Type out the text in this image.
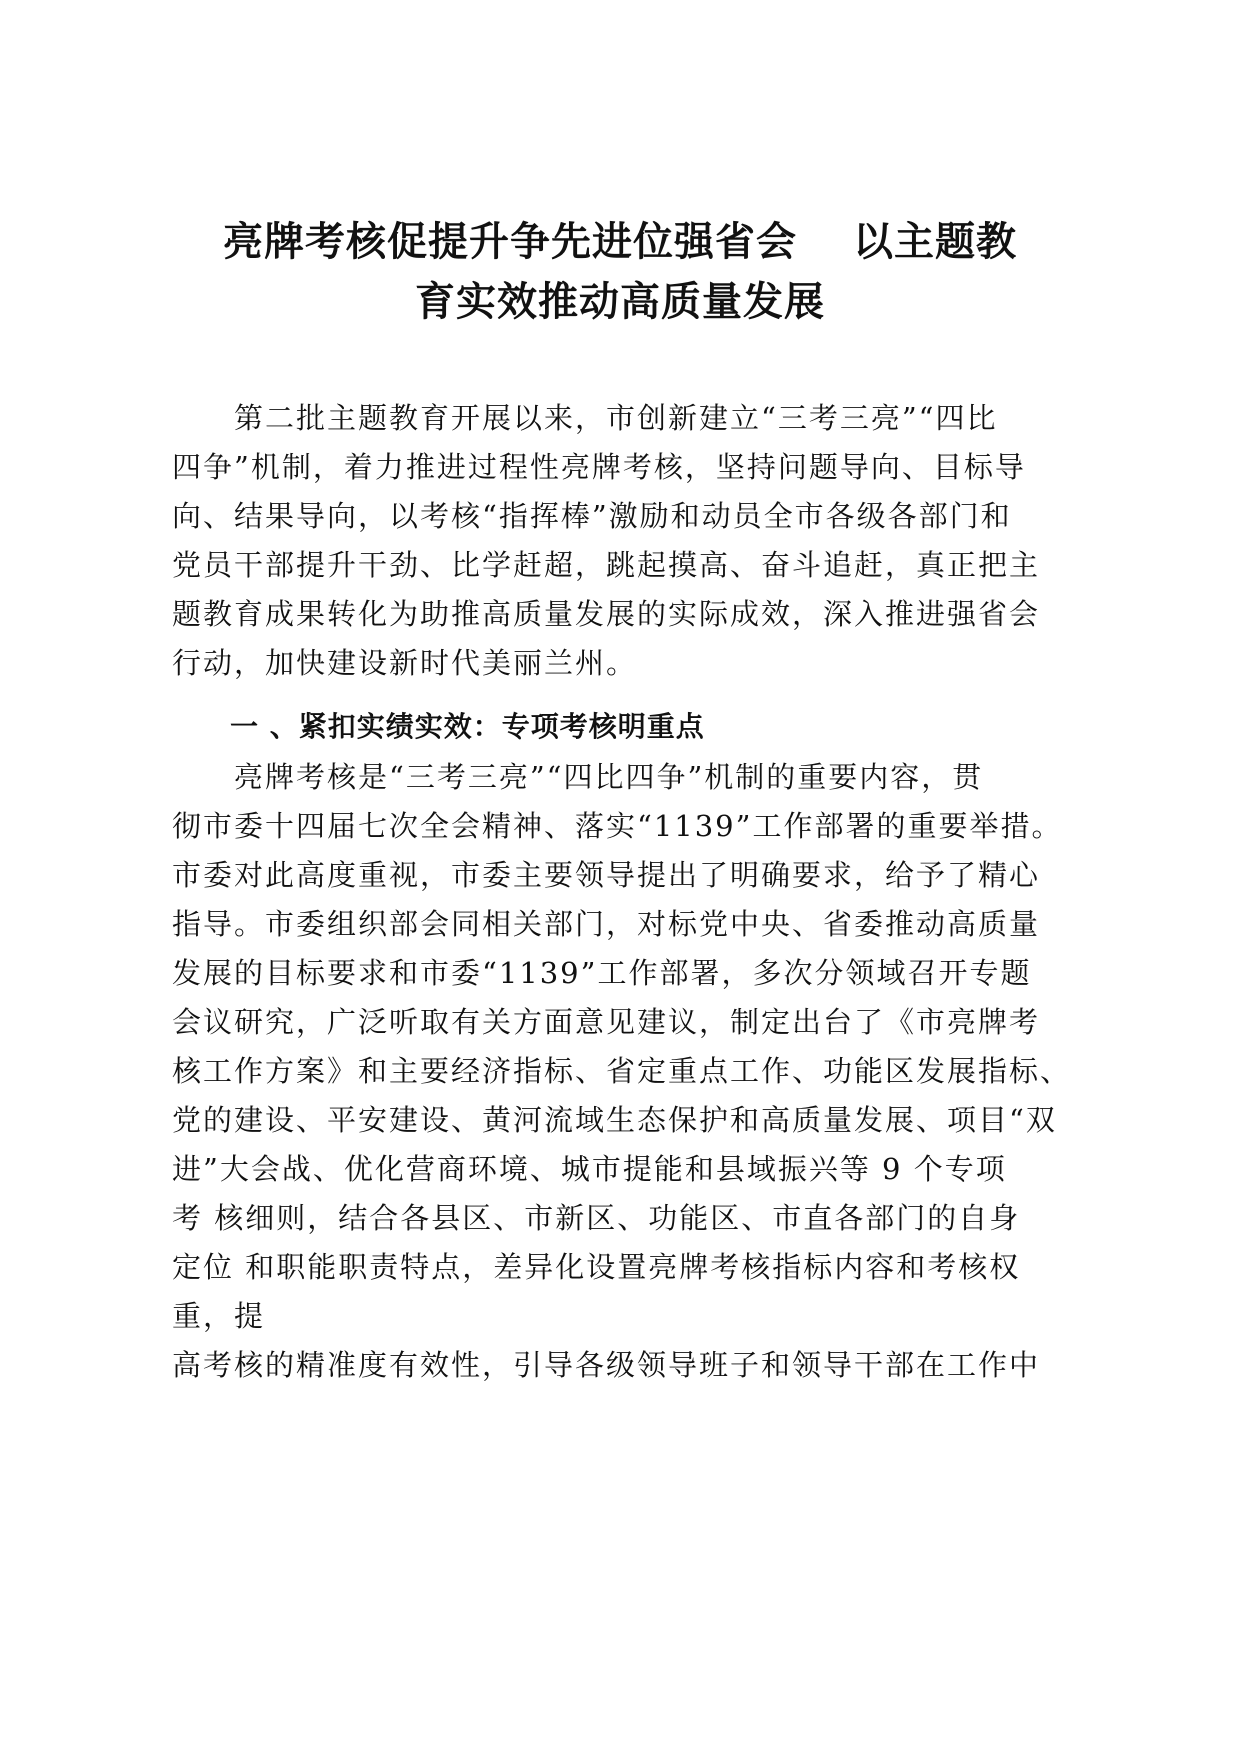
亮牌考核促提升争先进位强省会　 以主题教
育实效推动高质量发展
　　第二批主题教育开展以来，市创新建立“三考三亮”“四比
四争”机制，着力推进过程性亮牌考核，坚持问题导向、目标导
向、结果导向，以考核“指挥棒”激励和动员全市各级各部门和
党员干部提升干劲、比学赶超，跳起摸高、奋斗追赶，真正把主
题教育成果转化为助推高质量发展的实际成效，深入推进强省会
行动，加快建设新时代美丽兰州。
一 、紧扣实绩实效：专项考核明重点
　　亮牌考核是“三考三亮”“四比四争”机制的重要内容，贯
彻市委十四届七次全会精神、落实“1139”工作部署的重要举措。
市委对此高度重视，市委主要领导提出了明确要求，给予了精心
指导。市委组织部会同相关部门，对标党中央、省委推动高质量
发展的目标要求和市委“1139”工作部署，多次分领域召开专题
会议研究，广泛听取有关方面意见建议，制定出台了《市亮牌考
核工作方案》和主要经济指标、省定重点工作、功能区发展指标、
党的建设、平安建设、黄河流域生态保护和高质量发展、项目“双
进”大会战、优化营商环境、城市提能和县域振兴等 9 个专项
考 核细则，结合各县区、市新区、功能区、市直各部门的自身
定位 和职能职责特点，差异化设置亮牌考核指标内容和考核权
重，提
高考核的精准度有效性，引导各级领导班子和领导干部在工作中
